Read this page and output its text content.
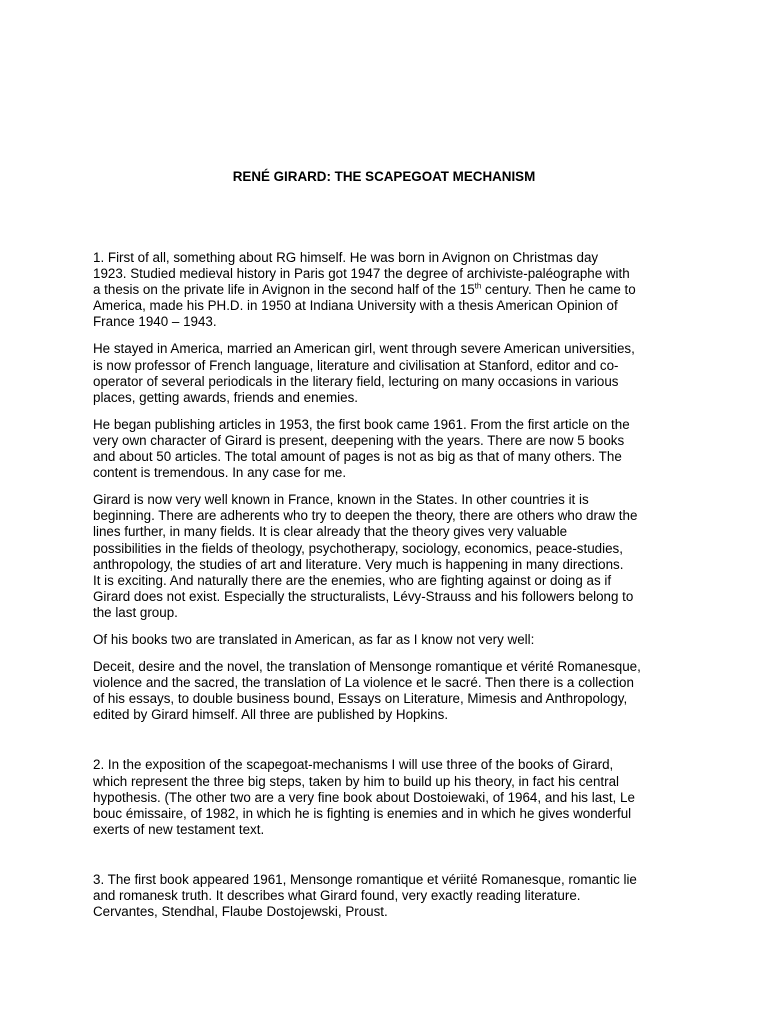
RENÉ GIRARD: THE SCAPEGOAT MECHANISM

1. First of all, something about RG himself. He was born in Avignon on Christmas day
1923. Studied medieval history in Paris got 1947 the degree of archiviste-paléographe with
a thesis on the private life in Avignon in the second half of the 15th century. Then he came to
America, made his PH.D. in 1950 at Indiana University with a thesis American Opinion of
France 1940 – 1943.

He stayed in America, married an American girl, went through severe American universities,
is now professor of French language, literature and civilisation at Stanford, editor and co-
operator of several periodicals in the literary field, lecturing on many occasions in various
places, getting awards, friends and enemies.

He began publishing articles in 1953, the first book came 1961. From the first article on the
very own character of Girard is present, deepening with the years. There are now 5 books
and about 50 articles. The total amount of pages is not as big as that of many others. The
content is tremendous. In any case for me.

Girard is now very well known in France, known in the States. In other countries it is
beginning. There are adherents who try to deepen the theory, there are others who draw the
lines further, in many fields. It is clear already that the theory gives very valuable
possibilities in the fields of theology, psychotherapy, sociology, economics, peace-studies,
anthropology, the studies of art and literature. Very much is happening in many directions.
It is exciting. And naturally there are the enemies, who are fighting against or doing as if
Girard does not exist. Especially the structuralists, Lévy-Strauss and his followers belong to
the last group.

Of his books two are translated in American, as far as I know not very well:

Deceit, desire and the novel, the translation of Mensonge romantique et vérité Romanesque,
violence and the sacred, the translation of La violence et le sacré. Then there is a collection
of his essays, to double business bound, Essays on Literature, Mimesis and Anthropology,
edited by Girard himself. All three are published by Hopkins.

2. In the exposition of the scapegoat-mechanisms I will use three of the books of Girard,
which represent the three big steps, taken by him to build up his theory, in fact his central
hypothesis. (The other two are a very fine book about Dostoiewaki, of 1964, and his last, Le
bouc émissaire, of 1982, in which he is fighting is enemies and in which he gives wonderful
exerts of new testament text.

3. The first book appeared 1961, Mensonge romantique et vériité Romanesque, romantic lie
and romanesk truth. It describes what Girard found, very exactly reading literature.
Cervantes, Stendhal, Flaube Dostojewski, Proust.
